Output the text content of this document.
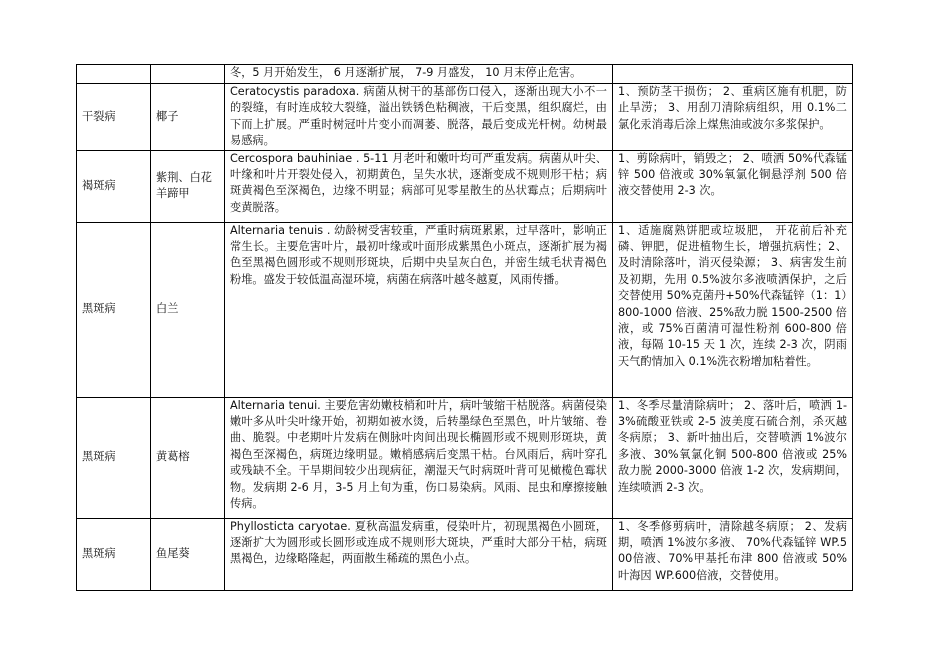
		冬，5 月开始发生， 6 月逐渐扩展， 7-9 月盛发， 10 月末停止危害。	
干裂病	椰子	Ceratocystis paradoxa. 病菌从树干的基部伤口侵入，逐渐出现大小不一的裂缝，有时连成较大裂缝，溢出铁锈色粘稠液，干后变黑，组织腐烂，由下而上扩展。严重时树冠叶片变小而凋萎、脱落，最后变成光杆树。幼树最易感病。	1、预防茎干损伤； 2、重病区施有机肥，防止旱涝； 3、用刮刀清除病组织，用 0.1%二氯化汞消毒后涂上煤焦油或波尔多浆保护。
褐斑病	紫荆、白花羊蹄甲	Cercospora bauhiniae . 5-11 月老叶和嫩叶均可严重发病。病菌从叶尖、叶缘和叶片开裂处侵入，初期黄色，呈失水状，逐渐变成不规则形干枯；病斑黄褐色至深褐色，边缘不明显；病部可见零星散生的丛状霉点；后期病叶变黄脱落。	1、剪除病叶，销毁之； 2、喷洒 50%代森锰锌 500 倍液或 30%氧氯化铜悬浮剂 500 倍液交替使用 2-3 次。
黑斑病	白兰	Alternaria tenuis . 幼龄树受害较重，严重时病斑累累，过早落叶，影响正常生长。主要危害叶片，最初叶缘或叶面形成紫黑色小斑点，逐渐扩展为褐色至黑褐色圆形或不规则形斑块，后期中央呈灰白色，并密生绒毛状青褐色粉堆。盛发于较低温高湿环境，病菌在病落叶越冬越夏，风雨传播。	1、适施腐熟饼肥或垃圾肥， 开花前后补充磷、钾肥，促进植物生长，增强抗病性；2、及时清除落叶，消灭侵染源； 3、病害发生前及初期，先用 0.5%波尔多液喷洒保护，之后交替使用 50%克菌丹+50%代森锰锌（1：1）800-1000 倍液、25%敌力脱 1500-2500 倍液，或 75%百菌清可湿性粉剂 600-800 倍液，每隔 10-15 天 1 次，连续 2-3 次，阴雨天气酌情加入 0.1%洗衣粉增加粘着性。
黑斑病	黄葛榕	Alternaria tenui. 主要危害幼嫩枝梢和叶片，病叶皱缩干枯脱落。病菌侵染嫩叶多从叶尖叶缘开始，初期如被水烫，后转墨绿色至黑色，叶片皱缩、卷曲、脆裂。中老期叶片发病在侧脉叶肉间出现长椭圆形或不规则形斑块，黄褐色至深褐色，病斑边缘明显。嫩梢感病后变黑干枯。台风雨后，病叶穿孔或残缺不全。干旱期间较少出现病征，潮湿天气时病斑叶背可见橄榄色霉状物。发病期 2-6 月，3-5 月上旬为重，伤口易染病。风雨、昆虫和摩擦接触传病。	1、冬季尽量清除病叶； 2、落叶后，喷洒 1-3%硫酸亚铁或 2-5 波美度石硫合剂，杀灭越冬病原； 3、新叶抽出后，交替喷洒 1%波尔多液、30%氧氯化铜 500-800 倍液或 25%敌力脱 2000-3000 倍液 1-2 次，发病期间，连续喷洒 2-3 次。
黑斑病	鱼尾葵	Phyllosticta caryotae. 夏秋高温发病重，侵染叶片，初现黑褐色小圆斑，逐渐扩大为圆形或长圆形或连成不规则形大斑块，严重时大部分干枯，病斑黑褐色，边缘略隆起，两面散生稀疏的黑色小点。	1、冬季修剪病叶，清除越冬病原； 2、发病期，喷洒 1%波尔多液、 70%代森锰锌 WP.500倍液、70%甲基托布津 800 倍液或 50%叶海因 WP.600倍液，交替使用。
